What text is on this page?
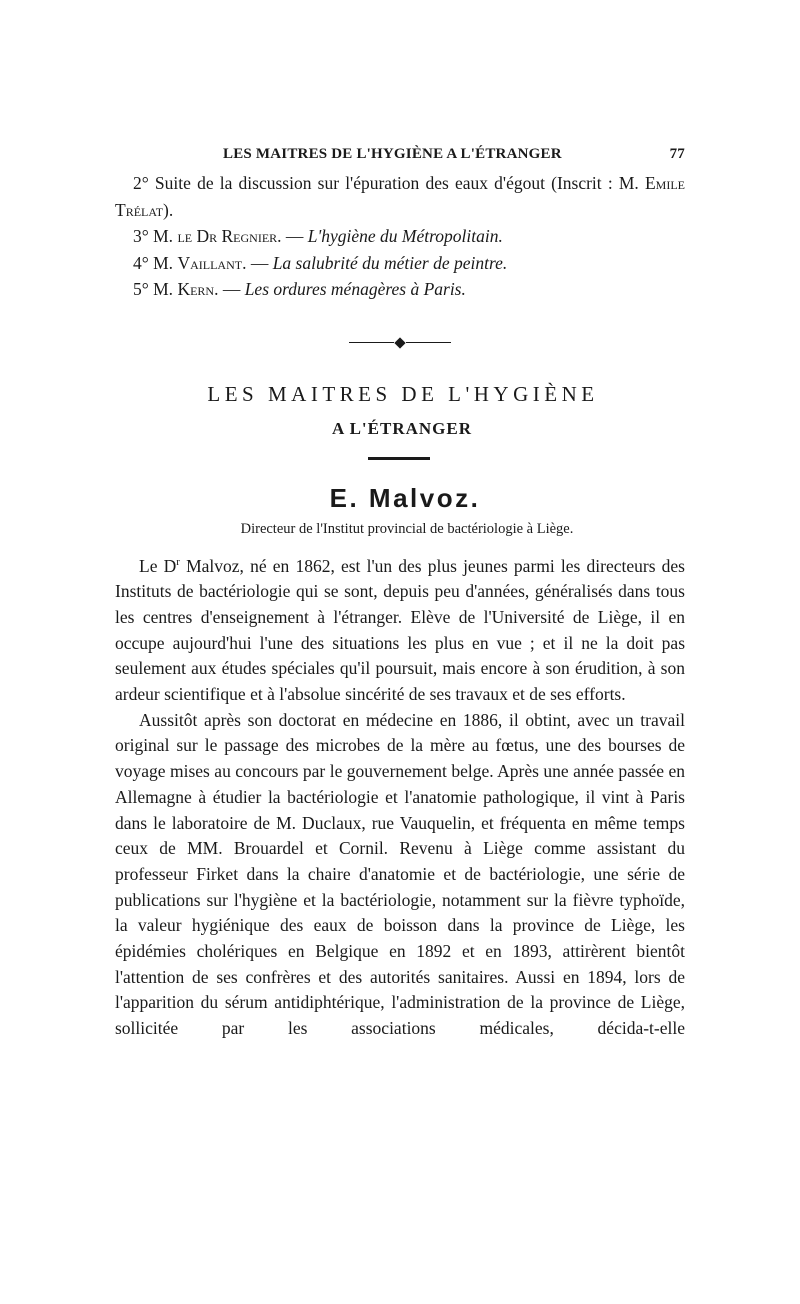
LES MAITRES DE L'HYGIÈNE A L'ÉTRANGER	77
2° Suite de la discussion sur l'épuration des eaux d'égout (Inscrit : M. Emile Trélat).
3° M. le Dr Regnier. — L'hygiène du Métropolitain.
4° M. Vaillant. — La salubrité du métier de peintre.
5° M. Kern. — Les ordures ménagères à Paris.
LES MAITRES DE L'HYGIÈNE
A L'ÉTRANGER
E. Malvoz.
Directeur de l'Institut provincial de bactériologie à Liège.

Le $D^r$ Malvoz, né en 1862, est l'un des plus jeunes parmi les directeurs des Instituts de bactériologie qui se sont, depuis peu d'années, généralisés dans tous les centres d'enseignement à l'étranger. Elève de l'Université de Liège, il en occupe aujourd'hui l'une des situations les plus en vue ; et il ne la doit pas seulement aux études spéciales qu'il poursuit, mais encore à son érudition, à son ardeur scientifique et à l'absolue sincérité de ses travaux et de ses efforts.

Aussitôt après son doctorat en médecine en 1886, il obtint, avec un travail original sur le passage des microbes de la mère au fœtus, une des bourses de voyage mises au concours par le gouvernement belge. Après une année passée en Allemagne à étudier la bactériologie et l'anatomie pathologique, il vint à Paris dans le laboratoire de M. Duclaux, rue Vauquelin, et fréquenta en même temps ceux de MM. Brouardel et Cornil. Revenu à Liège comme assistant du professeur Firket dans la chaire d'anatomie et de bactériologie, une série de publications sur l'hygiène et la bactériologie, notamment sur la fièvre typhoïde, la valeur hygiénique des eaux de boisson dans la province de Liège, les épidémies cholériques en Belgique en 1892 et en 1893, attirèrent bientôt l'attention de ses confrères et des autorités sanitaires. Aussi en 1894, lors de l'apparition du sérum antidiphtérique, l'administration de la province de Liège, sollicitée par les associations médicales, décida-t-elle
